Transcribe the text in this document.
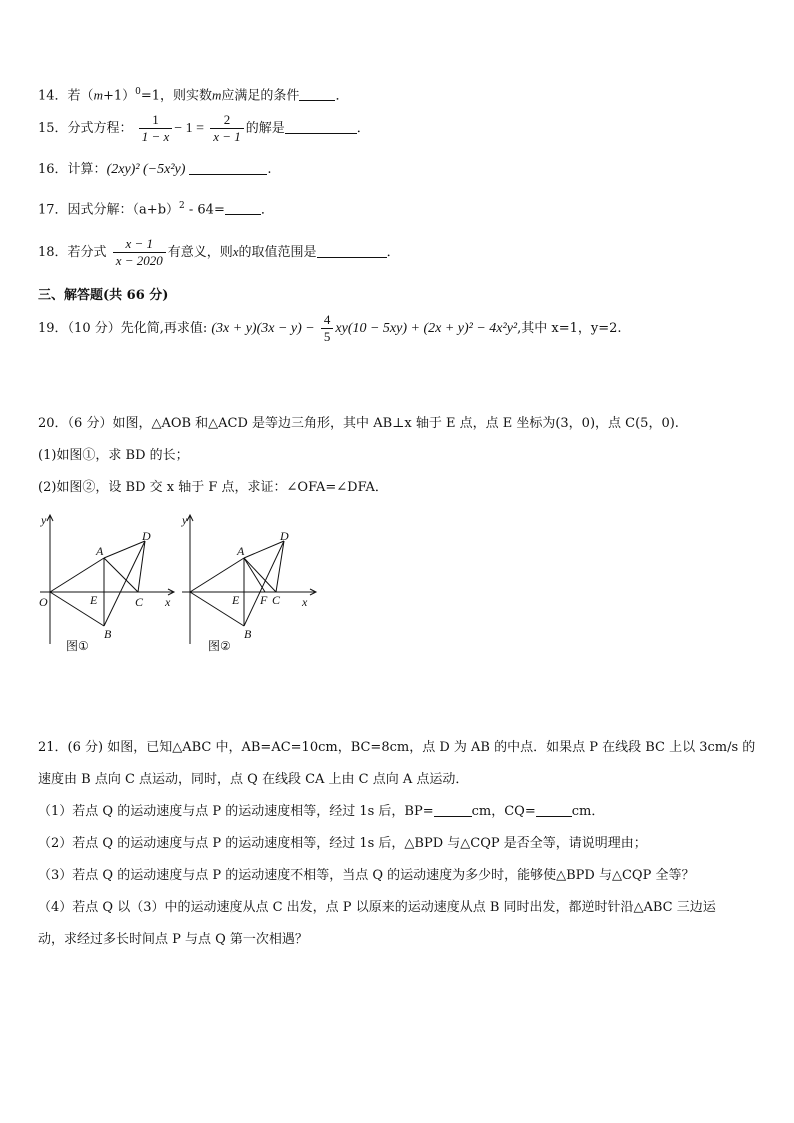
14．若$(m+1)^0=1$，则实数m应满足的条件	．
15．分式方程： $\frac{1}{1 - x} - 1 = \frac{2}{x - 1}$ 的解是	．
16．计算：(2xy)² (−5x²y)	.
17．因式分解：$(a+b)^2 - 64=$	．
18．若分式 $\frac{x - 1}{x - 2020}$ 有意义，则x的取值范围是	．
三、解答题(共 66 分)
19．（10 分）先化简,再求值: $(3x + y)(3x - y) - \frac{4}{5} xy(10 - 5xy) + (2x + y)^2 - 4x^2y^2$,其中 x=1，y=2.
20．（6 分）如图，△AOB 和△ACD 是等边三角形，其中 AB⊥x 轴于 E 点，点 E 坐标为(3，0)，点 C(5，0).
(1)如图①，求 BD 的长；
(2)如图②，设 BD 交 x 轴于 F 点，求证：∠OFA=∠DFA．
y
x
O
A
D
E	C
B
图①
y
x
A
D
E F C
B
图②
21．(6 分) 如图，已知△ABC 中，AB=AC=10cm，BC=8cm，点 D 为 AB 的中点．如果点 P 在线段 BC 上以 3cm/s 的
速度由 B 点向 C 点运动，同时，点 Q 在线段 CA 上由 C 点向 A 点运动．
（1）若点 Q 的运动速度与点 P 的运动速度相等，经过 1s 后，BP=	cm，CQ=	cm．
（2）若点 Q 的运动速度与点 P 的运动速度相等，经过 1s 后，△BPD 与△CQP 是否全等，请说明理由；
（3）若点 Q 的运动速度与点 P 的运动速度不相等，当点 Q 的运动速度为多少时，能够使△BPD 与△CQP 全等？
（4）若点 Q 以（3）中的运动速度从点 C 出发，点 P 以原来的运动速度从点 B 同时出发，都逆时针沿△ABC 三边运
动，求经过多长时间点 P 与点 Q 第一次相遇？
